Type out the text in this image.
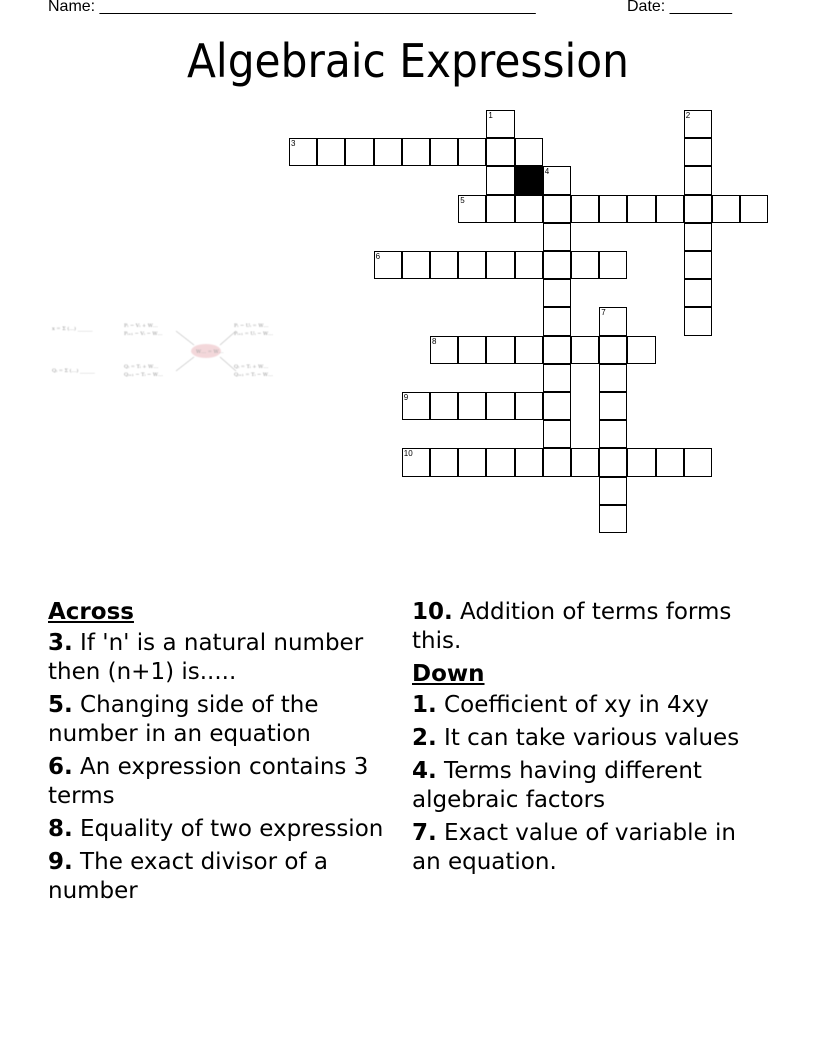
Name: _________________________________________________	Date: _______
Algebraic Expression
1	2
3
4
5
6
7
8
9
10
x = Σ (...) ______	Pᵢ − Vᵢ + W…
Pᵢ₊₁ − Vᵢ − W…
Qᵢ = Σ (...) ______
Qᵢ = Tᵢ + W…
Qᵢ₊₁ − Tᵢ − W…
Pᵢ − Uᵢ = W…
Pᵢ₊₁ = Uᵢ − W…
Qᵢ = Tᵢ + W…
Qᵢ₊₁ = Tᵢ − W…
W… = W…
Across
3. If 'n' is a natural number then (n+1) is.....
5. Changing side of the number in an equation
6. An expression contains 3 terms
8. Equality of two expression
9. The exact divisor of a number
10. Addition of terms forms this.
Down
1. Coefficient of xy in 4xy
2. It can take various values
4. Terms having different algebraic factors
7. Exact value of variable in an equation.
